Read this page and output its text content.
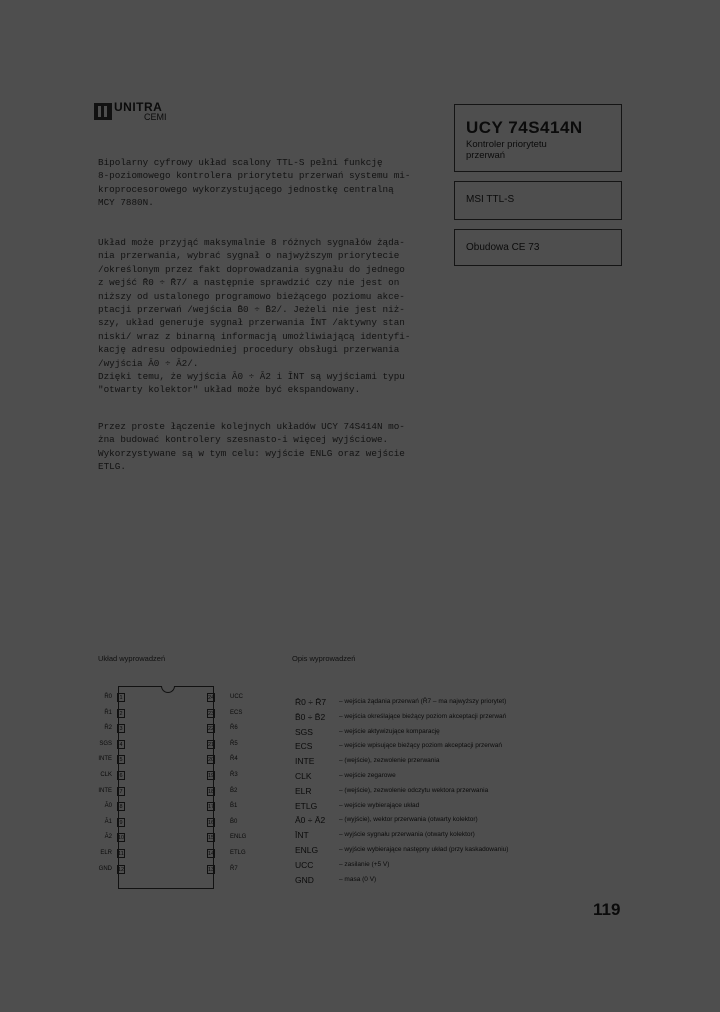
UNITRA
CEMI
UCY 74S414N
Kontroler priorytetu
przerwań
MSI TTL-S
Obudowa CE 73
Bipolarny cyfrowy układ scalony TTL-S pełni funkcję
8-poziomowego kontrolera priorytetu przerwań systemu mi-
kroprocesorowego wykorzystującego jednostkę centralną
MCY 7880N.
Układ może przyjąć maksymalnie 8 różnych sygnałów żąda-
nia przerwania, wybrać sygnał o najwyższym priorytecie
/określonym przez fakt doprowadzania sygnału do jednego
z wejść R̄0 ÷ R̄7/ a następnie sprawdzić czy nie jest on
niższy od ustalonego programowo bieżącego poziomu akce-
ptacji przerwań /wejścia B̄0 ÷ B̄2/. Jeżeli nie jest niż-
szy, układ generuje sygnał przerwania ĪNT /aktywny stan
niski/ wraz z binarną informacją umożliwiającą identyfi-
kację adresu odpowiedniej procedury obsługi przerwania
/wyjścia Ā0 ÷ Ā2/.
Dzięki temu, że wyjścia Ā0 ÷ Ā2 i ĪNT są wyjściami typu
"otwarty kolektor" układ może być ekspandowany.
Przez proste łączenie kolejnych układów UCY 74S414N mo-
żna budować kontrolery szesnasto-i więcej wyjściowe.
Wykorzystywane są w tym celu: wyjście ENLG oraz wejście
ETLG.
Układ wyprowadzeń	Opis wyprowadzeń
R̄0	1
R̄1	2
R̄2	3
SGS	4
INTE	5
CLK	6
INTE	7
Ā0	8
Ā1	9
Ā2 10
ELR 11
GND 12
24	UCC
23	ECS
22	R̄6
21	R̄5
20	R̄4
19	R̄3
18	B̄2
17	B̄1
16	B̄0
15	ENLG
14	ETLG
13	R̄7
R̄0 ÷ R̄7 – wejścia żądania przerwań (R̄7 – ma najwyższy priorytet)
B̄0 ÷ B̄2 – wejścia określające bieżący poziom akceptacji przerwań
SGS	– wejście aktywizujące komparację
ECS	– wejście wpisujące bieżący poziom akceptacji przerwań
INTE	– (wejście), zezwolenie przerwania
CLK	– wejście zegarowe
ELR	– (wejście), zezwolenie odczytu wektora przerwania
ETLG	– wejście wybierające układ
Ā0 ÷ Ā2 – (wyjście), wektor przerwania (otwarty kolektor)
ĪNT	– wyjście sygnału przerwania (otwarty kolektor)
ENLG	– wyjście wybierające następny układ (przy kaskadowaniu)
UCC	– zasilanie (+5 V)
GND	– masa (0 V)
119
